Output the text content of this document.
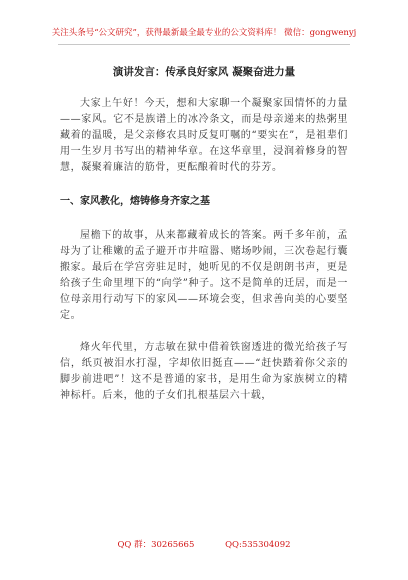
关注头条号“公文研究”，获得最新最全最专业的公文资料库！ 微信：gongwenyj
演讲发言：传承良好家风 凝聚奋进力量

大家上午好！今天，想和大家聊一个凝聚家国情怀的力量——家风。它不是族谱上的冰冷条文，而是母亲递来的热粥里藏着的温暖，是父亲修农具时反复叮嘱的“要实在”，是祖辈们用一生岁月书写出的精神华章。在这华章里，浸润着修身的智慧，凝聚着廉洁的筋骨，更酝酿着时代的芬芳。

一、家风教化，熔铸修身齐家之基

屋檐下的故事，从来都藏着成长的答案。两千多年前，孟母为了让稚嫩的孟子避开市井喧嚣、赌场吵闹，三次卷起行囊搬家。最后在学宫旁驻足时，她听见的不仅是朗朗书声，更是给孩子生命里埋下的“向学”种子。这不是简单的迁居，而是一位母亲用行动写下的家风——环境会变，但求善向美的心要坚定。

烽火年代里，方志敏在狱中借着铁窗透进的微光给孩子写信，纸页被泪水打湿，字却依旧挺直——“赶快踏着你父亲的脚步前进吧”！这不是普通的家书，是用生命为家族树立的精神标杆。后来，他的子女们扎根基层六十载，

QQ 群：30265665	QQ:535304092
